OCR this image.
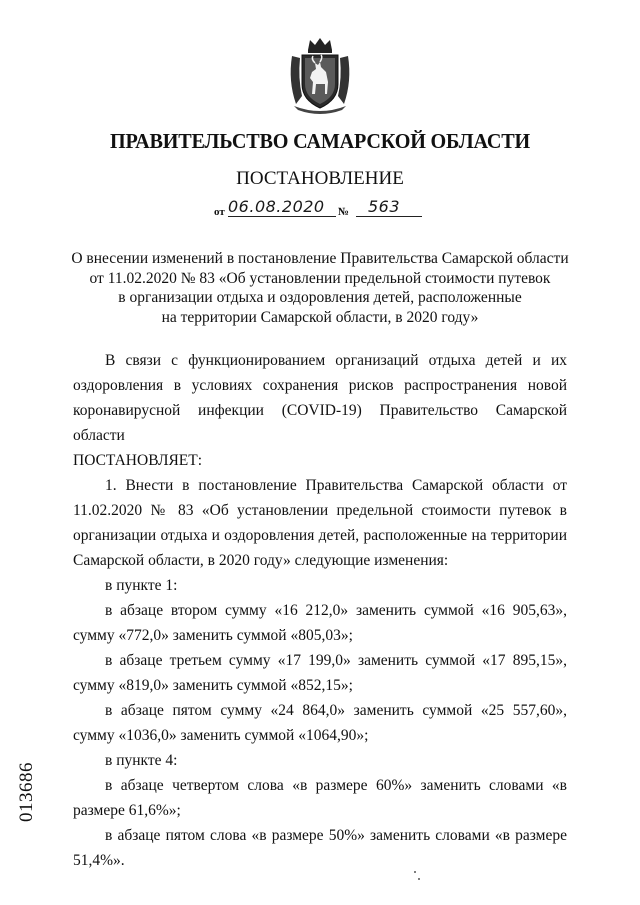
ПРАВИТЕЛЬСТВО САМАРСКОЙ ОБЛАСТИ
ПОСТАНОВЛЕНИЕ
от 06.08.2020 № 563
О внесении изменений в постановление Правительства Самарской области
от 11.02.2020 № 83 «Об установлении предельной стоимости путевок
в организации отдыха и оздоровления детей, расположенные
на территории Самарской области, в 2020 году»

В связи с функционированием организаций отдыха детей и их оздоровления в условиях сохранения рисков распространения новой коронавирусной инфекции (COVID-19) Правительство Самарской области

ПОСТАНОВЛЯЕТ:

1. Внести в постановление Правительства Самарской области от 11.02.2020 № 83 «Об установлении предельной стоимости путевок в организации отдыха и оздоровления детей, расположенные на территории Самарской области, в 2020 году» следующие изменения:

в пункте 1:

в абзаце втором сумму «16 212,0» заменить суммой «16 905,63», сумму «772,0» заменить суммой «805,03»;

в абзаце третьем сумму «17 199,0» заменить суммой «17 895,15», сумму «819,0» заменить суммой «852,15»;

в абзаце пятом сумму «24 864,0» заменить суммой «25 557,60», сумму «1036,0» заменить суммой «1064,90»;

в пункте 4:

в абзаце четвертом слова «в размере 60%» заменить словами «в размере 61,6%»;

в абзаце пятом слова «в размере 50%» заменить словами «в размере 51,4%».

013686
